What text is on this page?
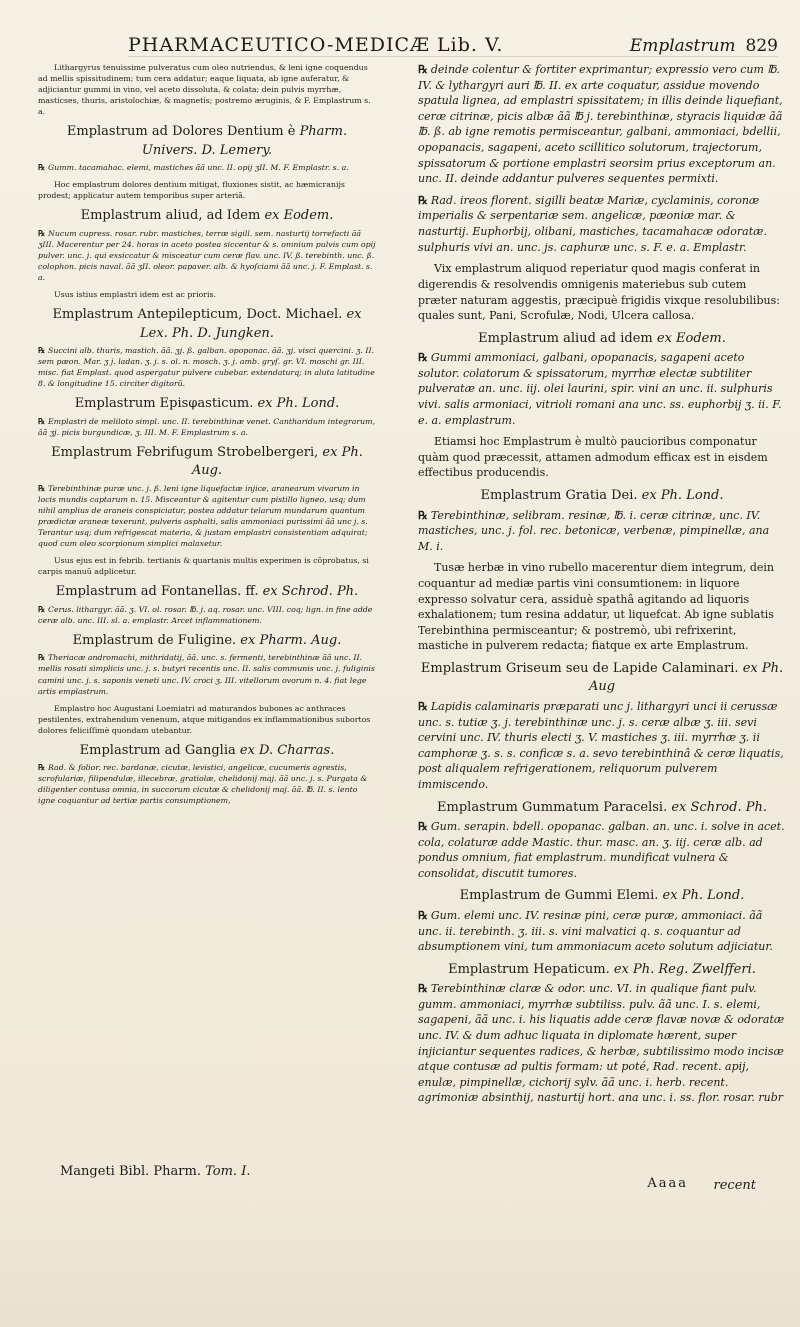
PHARMACEUTICO-MEDICÆ Lib. V.	Emplastrum 829
Lithargyrus tenuissime pulveratus cum oleo nutriendus, & leni igne coquendus ad mellis spissitudinem; tum cera addatur; eaque liquata, ab igne auferatur, & adjiciantur gummi in vino, vel aceto dissoluta, & colata; dein pulvis myrrhæ, masticses, thuris, aristolochiæ, & magnetis; postremo æruginis, & F. Emplastrum s. a.
Emplastrum ad Dolores Dentium è Pharm. Univers. D. Lemery.
℞ Gumm. tacamahac. elemi, mastiches ãã unc. II. opij ʒII. M. F. Emplastr. s. a.
Hoc emplastrum dolores dentium mitigat, fluxiones sistit, ac hæmicranijs prodest; applicatur autem temporibus super arteriã.
Emplastrum aliud, ad Idem ex Eodem.
℞ Nucum cupress. rosar. rubr. mastiches, terræ sigill. sem. nasturtij torrefacti ãã ʒIII. Macerentur per 24. horas in aceto postea siccentur & s. omnium pulvis cum opij pulver. unc. j. qui exsiccatur & misceatur cum ceræ flav. unc. IV. ß. terebinth. unc. ß. colophon. picis naval. ãã ʒII. oleor. papaver. alb. & hyoſciami ãã unc. j. F. Emplast. s. a.
Usus istius emplastri idem est ac prioris.
Emplastrum Antepilepticum, Doct. Michael. ex Lex. Ph. D. Jungken.
℞ Succini alb. thuris, mastich. ãã. ʒj. ß. galban. opoponac. ãã. ʒj. visci quercini. ʒ. II. sem pæon. Mar. ʒ j. ladan. ʒ. j. s. ol. n. mosch. ʒ. j. amb. gryſ. gr. VI. moschi gr. III. misc. fiat Emplast. quod aspergatur pulvere cubebar. extendaturq; in aluta latitudine 8. & longitudine 15. circiter digitorũ.
Emplastrum Episφasticum. ex Ph. Lond.
℞ Emplastri de meliloto simpl. unc. II. terebinthinæ venet. Cantharidum integrarum, ãã ʒj. picis burgundicæ, ʒ. III. M. F. Emplastrum s. a.
Emplastrum Febrifugum Strobelbergeri, ex Ph. Aug.
℞ Terebinthinæ puræ unc. j. ß. leni igne liquefactæ injice, aranearum vivarum in locis mundis captarum n. 15. Misceantur & agitentur cum pistillo ligneo, usq; dum nihil amplius de araneis conspiciatur, postea addatur telarum mundarum quantum prædictæ araneæ texerunt, pulveris asphalti, salis ammoniaci purissimi ãã unc j. s. Terantur usq; dum refrigescat materia, & justam emplastri consistentiam adquirat; quod cum oleo scorpionum simplici malaxetur.
Usus ejus est in febrib. tertianis & quartanis multis experimen is cõprobatus, si carpis manuũ adplicetur.
Emplastrum ad Fontanellas. ff. ex Schrod. Ph.
℞ Cerus. lithargyr. ãã. ʒ. VI. ol. rosar. ℔. j. aq. rosar. unc. VIII. coq; lign. in fine adde ceræ alb. unc. III. sl. a. emplastr. Arcet inflammationem.
Emplastrum de Fuligine. ex Pharm. Aug.
℞ Theriacæ andromachi, mithridatij, ãã. unc. s. fermenti, terebinthinæ ãã unc. II. mellis rosati simplicis unc. j. s. butyri recentis unc. II. salis communis unc. j. fuliginis camini unc. j. s. saponis veneti unc. IV. croci ʒ. III. vitellorum ovorum n. 4. fiat lege artis emplastrum.
Emplastro hoc Augustani Loemiatri ad maturandos bubones ac anthraces pestilentes, extrahendum venenum, atque mitigandos ex inflammationibus subortos dolores feliciſſimè quondam utebantur.
Emplastrum ad Ganglia ex D. Charras.
℞ Rad. & folior. rec. bardanæ, cicutæ, levistici, angelicæ, cucumeris agrestis, scrofulariæ, filipendulæ, illecebræ, gratiolæ, chelidonij maj. ãã unc. j. s. Purgata & diligenter contusa omnia, in succorum cicutæ & chelidonij maj. ãã. ℔. II. s. lento igne coquantur ad tertiæ partis consumptionem,
℞ deinde colentur & fortiter exprimantur; expressio vero cum ℔. IV. & lythargyri auri ℔. II. ex arte coquatur, assidue movendo spatula lignea, ad emplastri spissitatem; in illis deinde liquefiant, ceræ citrinæ, picis albæ ãã ℔ j. terebinthinæ, styracis liquidæ ãã ℔. ß. ab igne remotis permisceantur, galbani, ammoniaci, bdellii, opopanacis, sagapeni, aceto scillitico solutorum, trajectorum, spissatorum & portione emplastri seorsim prius exceptorum an. unc. II. deinde addantur pulveres sequentes permixti.
℞ Rad. ireos florent. sigilli beatæ Mariæ, cyclaminis, coronæ imperialis & serpentariæ sem. angelicæ, pæoniæ mar. & nasturtij. Euphorbij, olibani, mastiches, tacamahacæ odoratæ. sulphuris vivi an. unc. js. caphuræ unc. s. F. e. a. Emplastr.
Vix emplastrum aliquod reperiatur quod magis conferat in digerendis & resolvendis omnigenis materiebus sub cutem præter naturam aggestis, præcipuè frigidis vixque resolubilibus: quales sunt, Pani, Scrofulæ, Nodi, Ulcera callosa.
Emplastrum aliud ad idem ex Eodem.
℞ Gummi ammoniaci, galbani, opopanacis, sagapeni aceto solutor. colatorum & spissatorum, myrrhæ electæ subtiliter pulveratæ an. unc. iij. olei laurini, spir. vini an unc. ii. sulphuris vivi. salis armoniaci, vitrioli romani ana unc. ss. euphorbij ʒ. ii. F. e. a. emplastrum.
Etiamsi hoc Emplastrum è multò paucioribus componatur quàm quod præcessit, attamen admodum efficax est in eisdem effectibus producendis.
Emplastrum Gratia Dei. ex Ph. Lond.
℞ Terebinthinæ, selibram. resinæ, ℔. i. ceræ citrinæ, unc. IV. mastiches, unc. j. fol. rec. betonicæ, verbenæ, pimpinellæ, ana M. i.
Tusæ herbæ in vino rubello macerentur diem integrum, dein coquantur ad mediæ partis vini consumtionem: in liquore expresso solvatur cera, assiduè spathâ agitando ad liquoris exhalationem; tum resina addatur, ut liquefcat. Ab igne sublatis Terebinthina permisceantur; & postremò, ubi refrixerint, mastiche in pulverem redacta; fiatque ex arte Emplastrum.
Emplastrum Griseum seu de Lapide Calaminari. ex Ph. Aug
℞ Lapidis calaminaris præparati unc j. lithargyri unci ii cerussæ unc. s. tutiæ ʒ. j. terebinthinæ unc. j. s. ceræ albæ ʒ. iii. sevi cervini unc. IV. thuris electi ʒ. V. mastiches ʒ. iii. myrrhæ ʒ. ii camphoræ ʒ. s. s. conficæ s. a. sevo terebinthinâ & ceræ liquatis, post aliqualem refrigerationem, reliquorum pulverem immiscendo.
Emplastrum Gummatum Paracelsi. ex Schrod. Ph.
℞ Gum. serapin. bdell. opopanac. galban. an. unc. i. solve in acet. cola, colaturæ adde Mastic. thur. masc. an. ʒ. iij. ceræ alb. ad pondus omnium, fiat emplastrum. mundificat vulnera & consolidat, discutit tumores.
Emplastrum de Gummi Elemi. ex Ph. Lond.
℞ Gum. elemi unc. IV. resinæ pini, ceræ puræ, ammoniaci. ãã unc. ii. terebinth. ʒ. iii. s. vini malvatici q. s. coquantur ad absumptionem vini, tum ammoniacum aceto solutum adjiciatur.
Emplastrum Hepaticum. ex Ph. Reg. Zwelfferi.
℞ Terebinthinæ claræ & odor. unc. VI. in qualique fiant pulv. gumm. ammoniaci, myrrhæ subtiliss. pulv. ãã unc. I. s. elemi, sagapeni, ãã unc. i. his liquatis adde ceræ flavæ novæ & odoratæ unc. IV. & dum adhuc liquata in diplomate hærent, super injiciantur sequentes radices, & herbæ, subtilissimo modo incisæ atque contusæ ad pultis formam: ut poté, Rad. recent. apij, enulæ, pimpinellæ, cichorij sylv. ãã unc. i. herb. recent. agrimoniæ absinthij, nasturtij hort. ana unc. i. ss. flor. rosar. rubr
Mangeti Bibl. Pharm. Tom. I.
Aaaa recent
